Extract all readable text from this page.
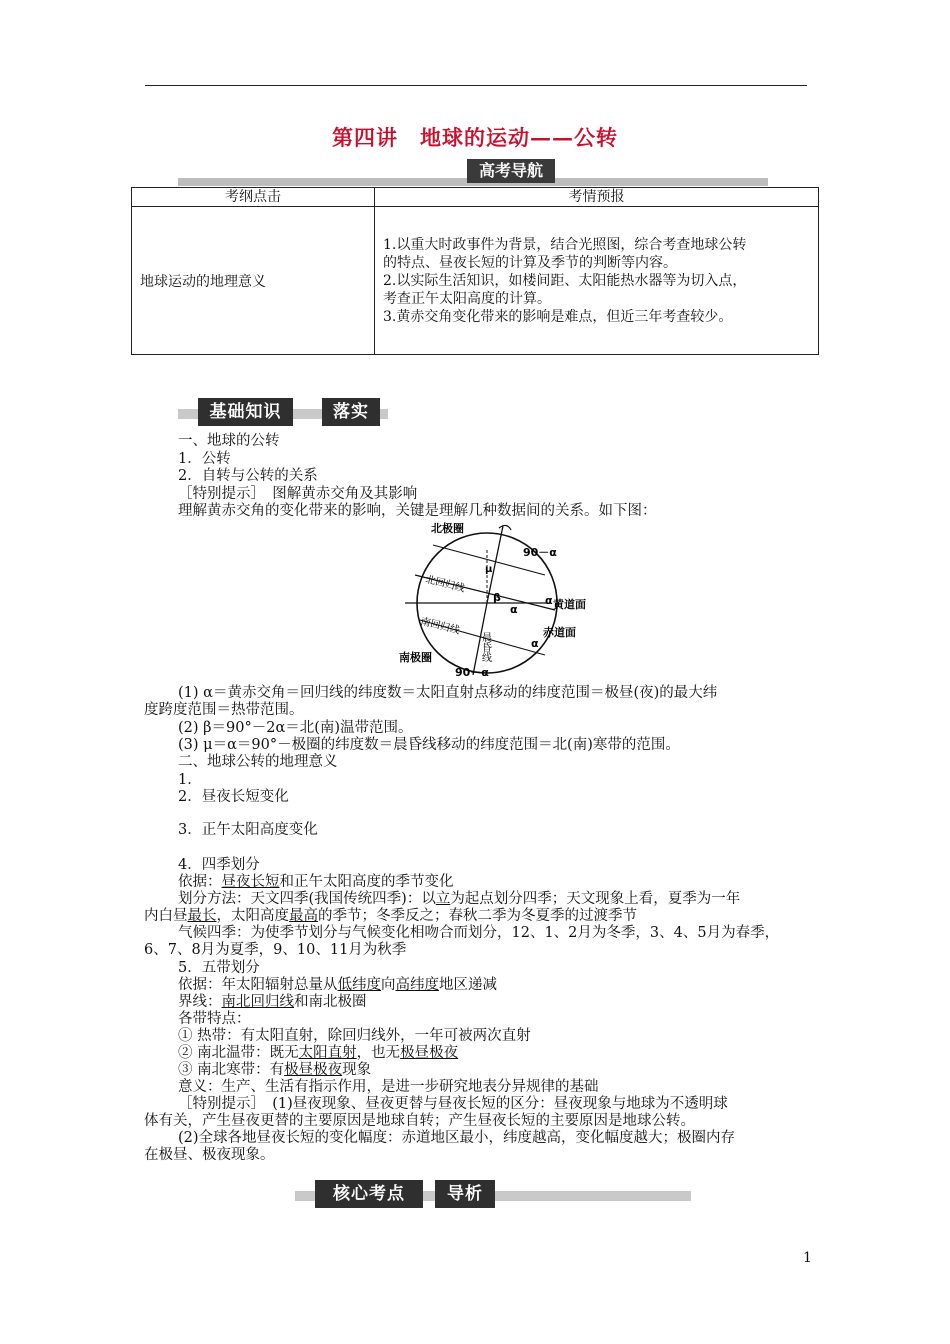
第四讲　地球的运动——公转
高考导航
考纲点击	考情预报
地球运动的地理意义	1.以重大时政事件为背景，结合光照图，综合考查地球公转
的特点、昼夜长短的计算及季节的判断等内容。
2.以实际生活知识，如楼间距、太阳能热水器等为切入点，
考查正午太阳高度的计算。
3.黄赤交角变化带来的影响是难点，但近三年考查较少。
基础知识	落实
一、地球的公转
1．公转
2．自转与公转的关系
［特别提示］　图解黄赤交角及其影响
理解黄赤交角的变化带来的影响，关键是理解几种数据间的关系。如下图：
北极圈
90－α
北回归线
μ
β
α
α 黄道面
南回归线
晨昏线	赤道面
α
南极圈
90－α
(1) α＝黄赤交角＝回归线的纬度数＝太阳直射点移动的纬度范围＝极昼(夜)的最大纬
度跨度范围＝热带范围。
(2) β＝90°－2α＝北(南)温带范围。
(3) μ＝α＝90°－极圈的纬度数＝晨昏线移动的纬度范围＝北(南)寒带的范围。
二、地球公转的地理意义
1．
2．昼夜长短变化
3．正午太阳高度变化
4．四季划分
依据：昼夜长短和正午太阳高度的季节变化
划分方法：天文四季(我国传统四季)：以立为起点划分四季；天文现象上看，夏季为一年
内白昼最长，太阳高度最高的季节；冬季反之；春秋二季为冬夏季的过渡季节
气候四季：为使季节划分与气候变化相吻合而划分，12、1、2月为冬季，3、4、5月为春季，
6、7、8月为夏季，9、10、11月为秋季
5．五带划分
依据：年太阳辐射总量从低纬度向高纬度地区递减
界线：南北回归线和南北极圈
各带特点：
① 热带：有太阳直射，除回归线外，一年可被两次直射
② 南北温带：既无太阳直射，也无极昼极夜
③ 南北寒带：有极昼极夜现象
意义：生产、生活有指示作用，是进一步研究地表分异规律的基础
［特别提示］　(1)昼夜现象、昼夜更替与昼夜长短的区分：昼夜现象与地球为不透明球
体有关，产生昼夜更替的主要原因是地球自转；产生昼夜长短的主要原因是地球公转。
(2)全球各地昼夜长短的变化幅度：赤道地区最小，纬度越高，变化幅度越大；极圈内存
在极昼、极夜现象。
核心考点	导析
1
